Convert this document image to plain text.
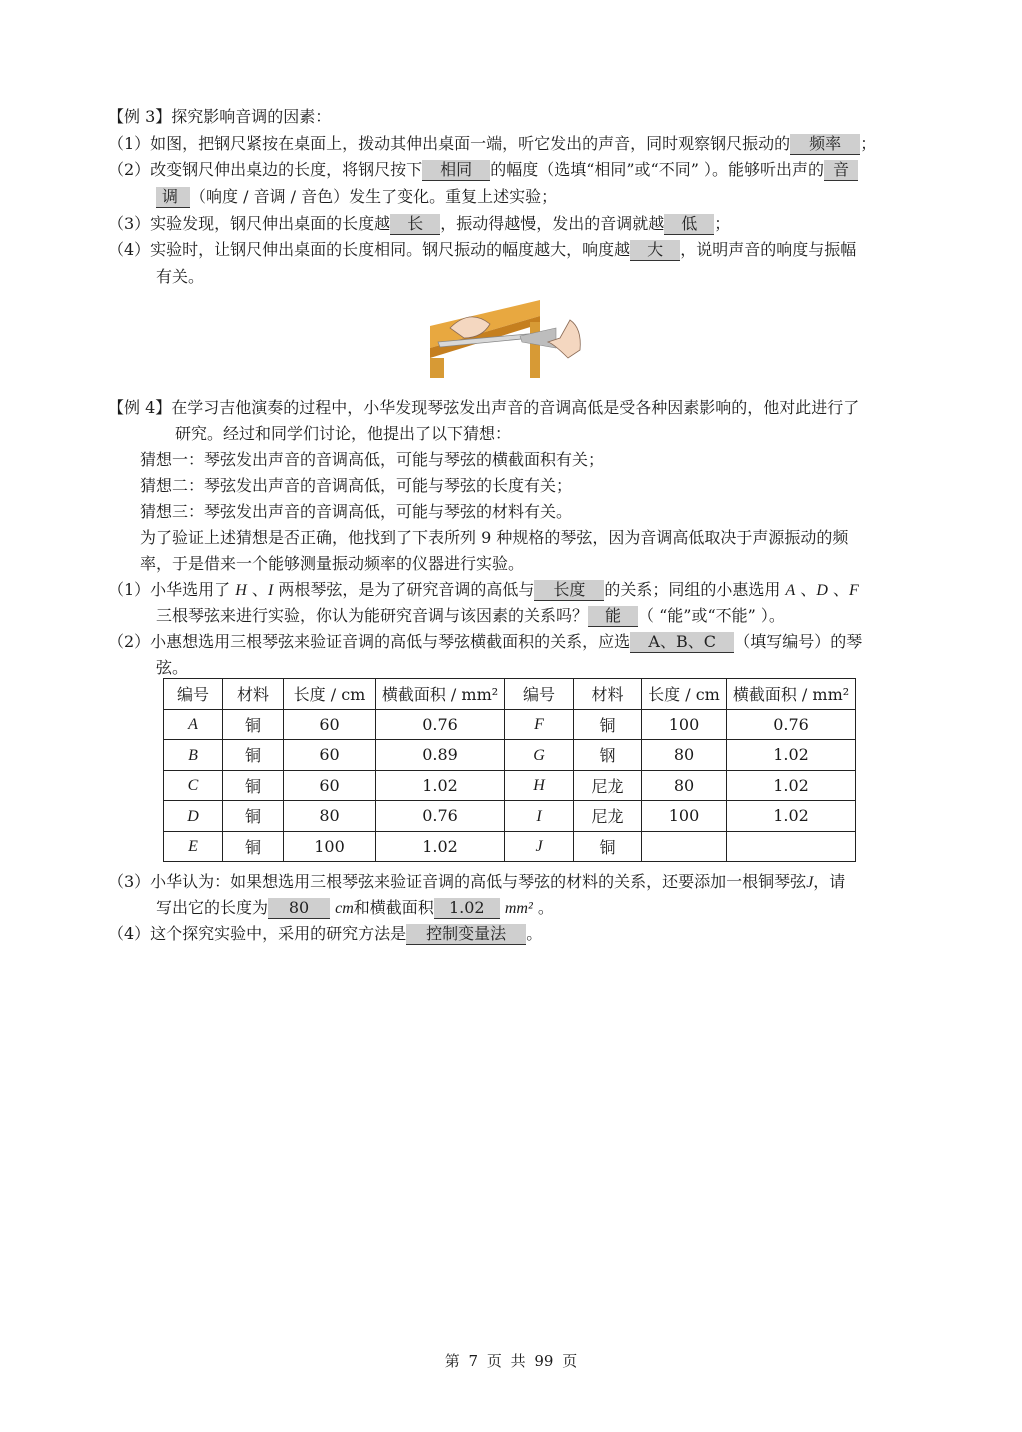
【例 3】探究影响音调的因素：
（1）如图，把钢尺紧按在桌面上，拨动其伸出桌面一端，听它发出的声音，同时观察钢尺振动的 频率 ；
（2）改变钢尺伸出桌边的长度，将钢尺按下 相同 的幅度（选填“相同”或“不同” ）。能够听出声的 音
调 （响度 / 音调 / 音色）发生了变化。重复上述实验；
（3）实验发现，钢尺伸出桌面的长度越 长 ，振动得越慢，发出的音调就越 低 ；
（4）实验时，让钢尺伸出桌面的长度相同。钢尺振动的幅度越大，响度越 大 ，说明声音的响度与振幅
有关。
【例 4】在学习吉他演奏的过程中，小华发现琴弦发出声音的音调高低是受各种因素影响的，他对此进行了
研究。经过和同学们讨论，他提出了以下猜想：
猜想一：琴弦发出声音的音调高低，可能与琴弦的横截面积有关；
猜想二：琴弦发出声音的音调高低，可能与琴弦的长度有关；
猜想三：琴弦发出声音的音调高低，可能与琴弦的材料有关。
为了验证上述猜想是否正确，他找到了下表所列 9 种规格的琴弦，因为音调高低取决于声源振动的频
率，于是借来一个能够测量振动频率的仪器进行实验。
（1）小华选用了 H 、I 两根琴弦，是为了研究音调的高低与 长度 的关系；同组的小惠选用 A 、D 、F
三根琴弦来进行实验，你认为能研究音调与该因素的关系吗？ 能 （ “能”或“不能” ）。
（2）小惠想选用三根琴弦来验证音调的高低与琴弦横截面积的关系，应选 A、B、C （填写编号）的琴
弦。
编号	材料	长度 / cm	横截面积 / mm²	编号	材料	长度 / cm	横截面积 / mm²
A	铜	60	0.76	F	铜	100	0.76
B	铜	60	0.89	G	钢	80	1.02
C	铜	60	1.02	H	尼龙	80	1.02
D	铜	80	0.76	I	尼龙	100	1.02
E	铜	100	1.02	J	铜		
（3）小华认为：如果想选用三根琴弦来验证音调的高低与琴弦的材料的关系，还要添加一根铜琴弦J，请
写出它的长度为 80 cm和横截面积 1.02 mm² 。
（4）这个探究实验中，采用的研究方法是 控制变量法 。
第 7 页 共 99 页
